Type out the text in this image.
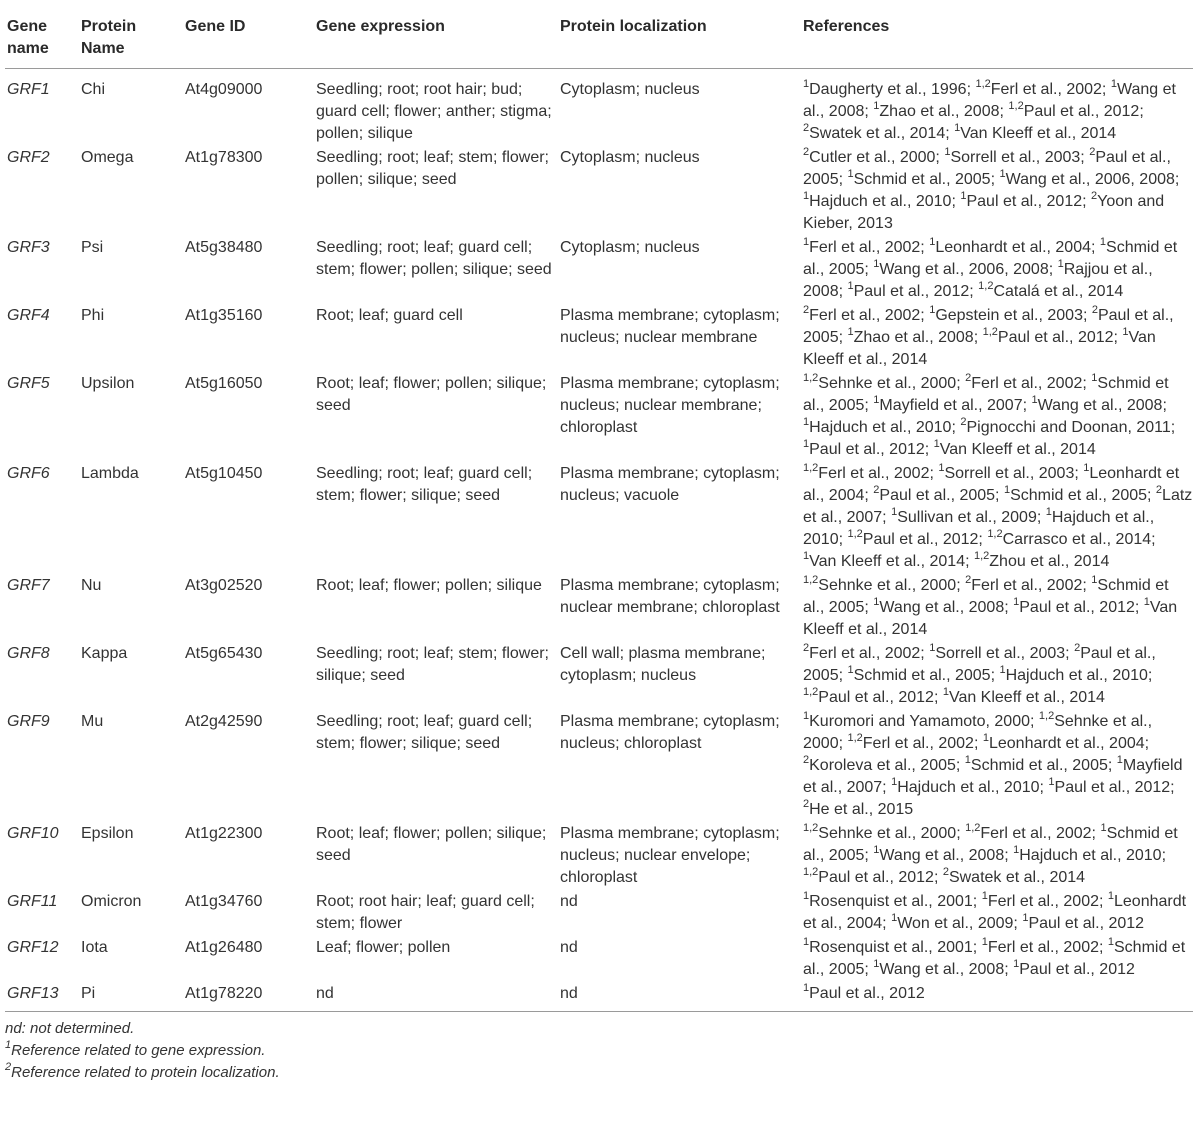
Gene name	Protein Name	Gene ID	Gene expression	Protein localization	References
GRF1	Chi	At4g09000	Seedling; root; root hair; bud; guard cell; flower; anther; stigma; pollen; silique	Cytoplasm; nucleus	$^1$Daugherty et al., 1996; $^{1,2}$Ferl et al., 2002; $^1$Wang et al., 2008; $^1$Zhao et al., 2008; $^{1,2}$Paul et al., 2012; $^2$Swatek et al., 2014; $^1$Van Kleeff et al., 2014
GRF2	Omega	At1g78300	Seedling; root; leaf; stem; flower; pollen; silique; seed	Cytoplasm; nucleus	$^2$Cutler et al., 2000; $^1$Sorrell et al., 2003; $^2$Paul et al., 2005; $^1$Schmid et al., 2005; $^1$Wang et al., 2006, 2008; $^1$Hajduch et al., 2010; $^1$Paul et al., 2012; $^2$Yoon and Kieber, 2013
GRF3	Psi	At5g38480	Seedling; root; leaf; guard cell; stem; flower; pollen; silique; seed	Cytoplasm; nucleus	$^1$Ferl et al., 2002; $^1$Leonhardt et al., 2004; $^1$Schmid et al., 2005; $^1$Wang et al., 2006, 2008; $^1$Rajjou et al., 2008; $^1$Paul et al., 2012; $^{1,2}$Catalá et al., 2014
GRF4	Phi	At1g35160	Root; leaf; guard cell	Plasma membrane; cytoplasm; nucleus; nuclear membrane	$^2$Ferl et al., 2002; $^1$Gepstein et al., 2003; $^2$Paul et al., 2005; $^1$Zhao et al., 2008; $^{1,2}$Paul et al., 2012; $^1$Van Kleeff et al., 2014
GRF5	Upsilon	At5g16050	Root; leaf; flower; pollen; silique; seed	Plasma membrane; cytoplasm; nucleus; nuclear membrane; chloroplast	$^{1,2}$Sehnke et al., 2000; $^2$Ferl et al., 2002; $^1$Schmid et al., 2005; $^1$Mayfield et al., 2007; $^1$Wang et al., 2008; $^1$Hajduch et al., 2010; $^2$Pignocchi and Doonan, 2011; $^1$Paul et al., 2012; $^1$Van Kleeff et al., 2014
GRF6	Lambda	At5g10450	Seedling; root; leaf; guard cell; stem; flower; silique; seed	Plasma membrane; cytoplasm; nucleus; vacuole	$^{1,2}$Ferl et al., 2002; $^1$Sorrell et al., 2003; $^1$Leonhardt et al., 2004; $^2$Paul et al., 2005; $^1$Schmid et al., 2005; $^2$Latz et al., 2007; $^1$Sullivan et al., 2009; $^1$Hajduch et al., 2010; $^{1,2}$Paul et al., 2012; $^{1,2}$Carrasco et al., 2014; $^1$Van Kleeff et al., 2014; $^{1,2}$Zhou et al., 2014
GRF7	Nu	At3g02520	Root; leaf; flower; pollen; silique	Plasma membrane; cytoplasm; nuclear membrane; chloroplast	$^{1,2}$Sehnke et al., 2000; $^2$Ferl et al., 2002; $^1$Schmid et al., 2005; $^1$Wang et al., 2008; $^1$Paul et al., 2012; $^1$Van Kleeff et al., 2014
GRF8	Kappa	At5g65430	Seedling; root; leaf; stem; flower; silique; seed	Cell wall; plasma membrane; cytoplasm; nucleus	$^2$Ferl et al., 2002; $^1$Sorrell et al., 2003; $^2$Paul et al., 2005; $^1$Schmid et al., 2005; $^1$Hajduch et al., 2010; $^{1,2}$Paul et al., 2012; $^1$Van Kleeff et al., 2014
GRF9	Mu	At2g42590	Seedling; root; leaf; guard cell; stem; flower; silique; seed	Plasma membrane; cytoplasm; nucleus; chloroplast	$^1$Kuromori and Yamamoto, 2000; $^{1,2}$Sehnke et al., 2000; $^{1,2}$Ferl et al., 2002; $^1$Leonhardt et al., 2004; $^2$Koroleva et al., 2005; $^1$Schmid et al., 2005; $^1$Mayfield et al., 2007; $^1$Hajduch et al., 2010; $^1$Paul et al., 2012; $^2$He et al., 2015
GRF10	Epsilon	At1g22300	Root; leaf; flower; pollen; silique; seed	Plasma membrane; cytoplasm; nucleus; nuclear envelope; chloroplast	$^{1,2}$Sehnke et al., 2000; $^{1,2}$Ferl et al., 2002; $^1$Schmid et al., 2005; $^1$Wang et al., 2008; $^1$Hajduch et al., 2010; $^{1,2}$Paul et al., 2012; $^2$Swatek et al., 2014
GRF11	Omicron	At1g34760	Root; root hair; leaf; guard cell; stem; flower	nd	$^1$Rosenquist et al., 2001; $^1$Ferl et al., 2002; $^1$Leonhardt et al., 2004; $^1$Won et al., 2009; $^1$Paul et al., 2012
GRF12	Iota	At1g26480	Leaf; flower; pollen	nd	$^1$Rosenquist et al., 2001; $^1$Ferl et al., 2002; $^1$Schmid et al., 2005; $^1$Wang et al., 2008; $^1$Paul et al., 2012
GRF13	Pi	At1g78220	nd	nd	$^1$Paul et al., 2012
nd: not determined.
$^1$Reference related to gene expression.
$^2$Reference related to protein localization.
